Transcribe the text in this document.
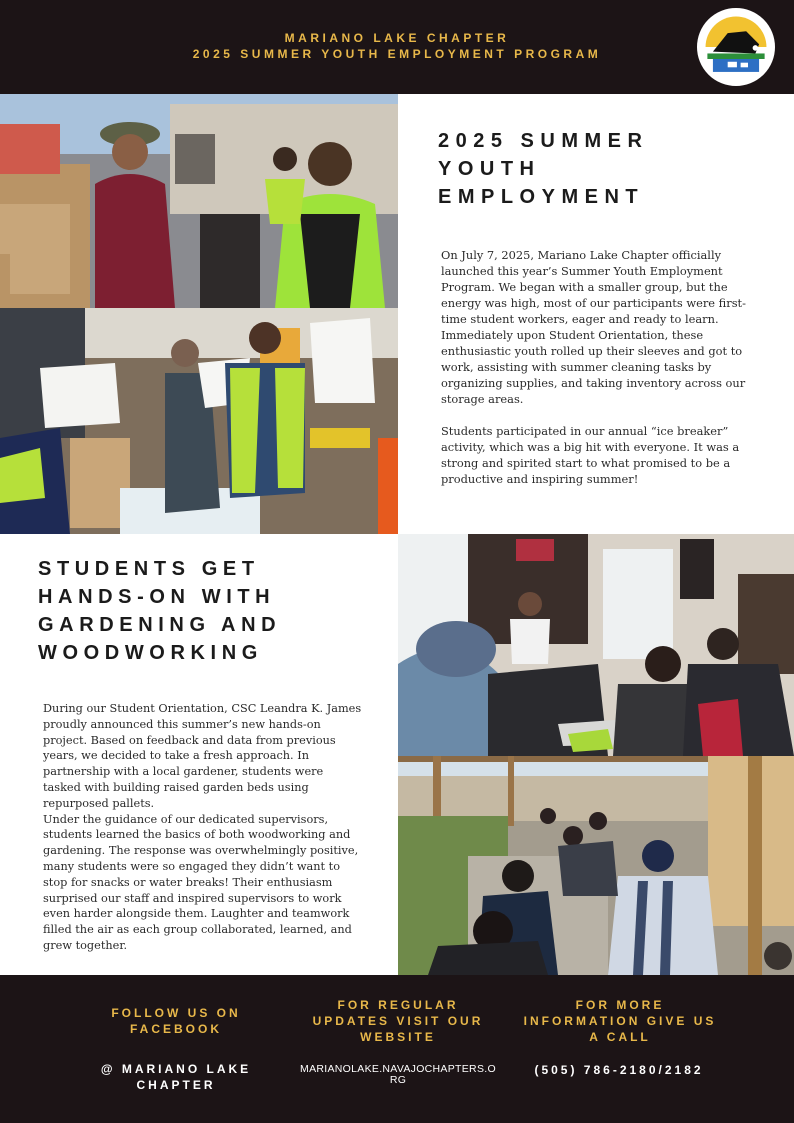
MARIANO LAKE CHAPTER
2025 SUMMER YOUTH EMPLOYMENT PROGRAM
2025 SUMMER YOUTH EMPLOYMENT

On July 7, 2025, Mariano Lake Chapter officially launched this year’s Summer Youth Employment Program. We began with a smaller group, but the energy was high, most of our participants were first-time student workers, eager and ready to learn. Immediately upon Student Orientation, these enthusiastic youth rolled up their sleeves and got to work, assisting with summer cleaning tasks by organizing supplies, and taking inventory across our storage areas.

Students participated in our annual “ice breaker” activity, which was a big hit with everyone. It was a strong and spirited start to what promised to be a productive and inspiring summer!

STUDENTS GET HANDS-ON WITH GARDENING AND WOODWORKING

During our Student Orientation, CSC Leandra K. James proudly announced this summer’s new hands-on project. Based on feedback and data from previous years, we decided to take a fresh approach. In partnership with a local gardener, students were tasked with building raised garden beds using repurposed pallets.
Under the guidance of our dedicated supervisors, students learned the basics of both woodworking and gardening. The response was overwhelmingly positive, many students were so engaged they didn’t want to stop for snacks or water breaks! Their enthusiasm surprised our staff and inspired supervisors to work even harder alongside them. Laughter and teamwork filled the air as each group collaborated, learned, and grew together.

FOLLOW US ON FACEBOOK
@ MARIANO LAKE CHAPTER
FOR REGULAR UPDATES VISIT OUR WEBSITE
MARIANOLAKE.NAVAJOCHAPTERS.ORG
FOR MORE INFORMATION GIVE US A CALL
(505) 786-2180/2182
